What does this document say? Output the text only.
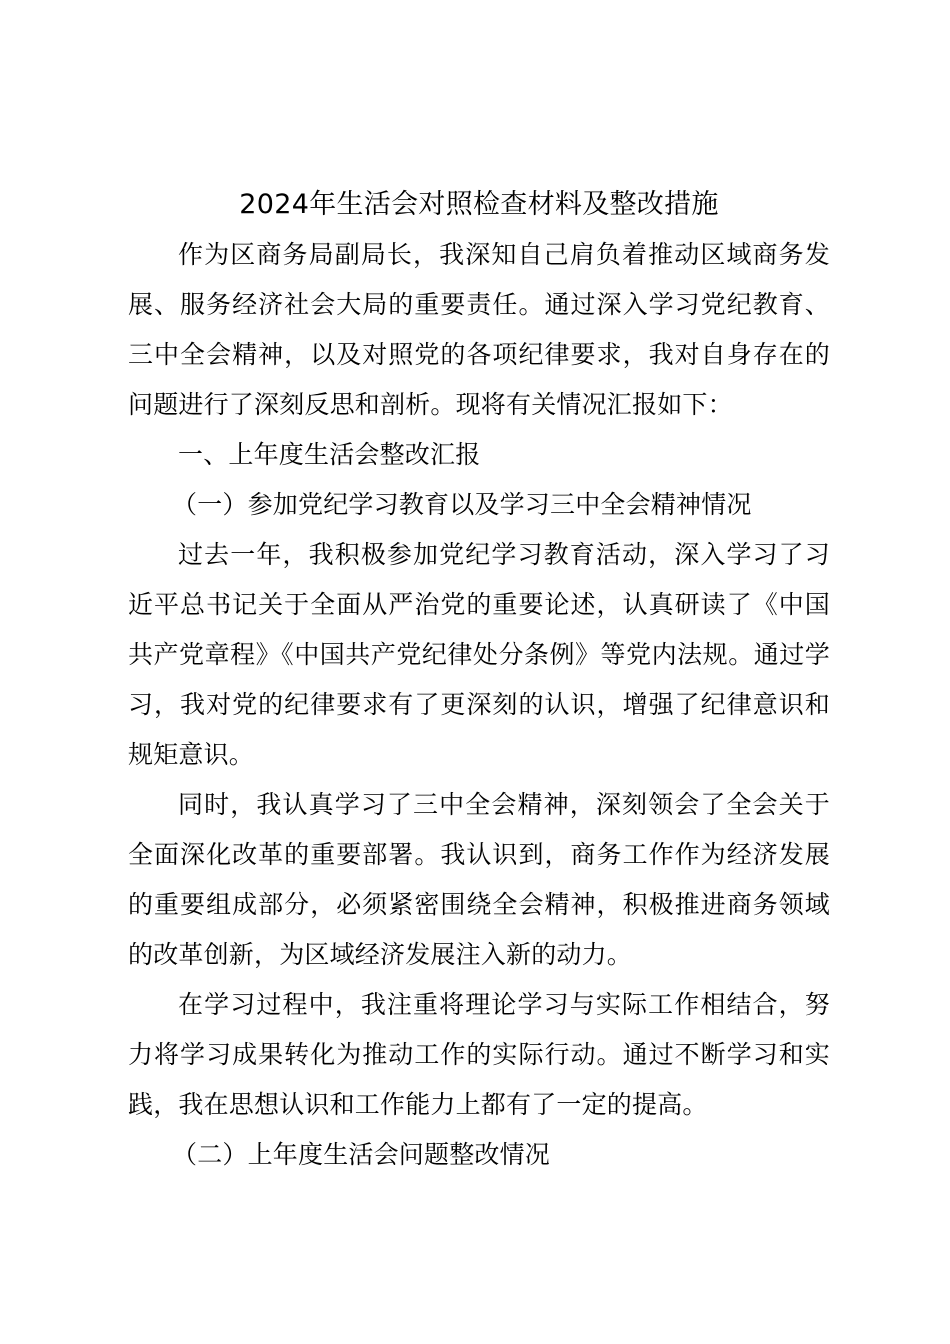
2024年生活会对照检查材料及整改措施

作为区商务局副局长，我深知自己肩负着推动区域商务发展、服务经济社会大局的重要责任。通过深入学习党纪教育、三中全会精神，以及对照党的各项纪律要求，我对自身存在的问题进行了深刻反思和剖析。现将有关情况汇报如下：

一、上年度生活会整改汇报
（一）参加党纪学习教育以及学习三中全会精神情况

过去一年，我积极参加党纪学习教育活动，深入学习了习近平总书记关于全面从严治党的重要论述，认真研读了《中国共产党章程》《中国共产党纪律处分条例》等党内法规。通过学习，我对党的纪律要求有了更深刻的认识，增强了纪律意识和规矩意识。

同时，我认真学习了三中全会精神，深刻领会了全会关于全面深化改革的重要部署。我认识到，商务工作作为经济发展的重要组成部分，必须紧密围绕全会精神，积极推进商务领域的改革创新，为区域经济发展注入新的动力。

在学习过程中，我注重将理论学习与实际工作相结合，努力将学习成果转化为推动工作的实际行动。通过不断学习和实践，我在思想认识和工作能力上都有了一定的提高。

（二）上年度生活会问题整改情况
